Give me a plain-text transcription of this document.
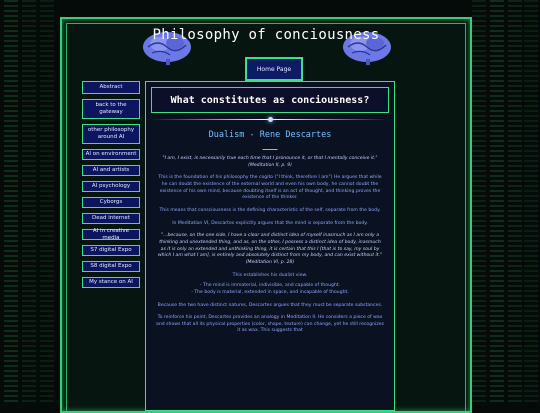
Philosophy of conciousness
Home Page
Abstract
back to the gateway
other philosophy around AI
AI on environment
AI and artists
AI psychology
Cyborgs
Dead internet
AI in creative media
S7 digital Expo
S8 digital Expo
My stance on AI
What constitutes as conciousness?
Dualism - Rene Descartes
______
"I am, I exist, is necessarily true each time that I pronounce it, or that I mentally conceive it." (Meditation II, p. 9)
This is the foundation of his philosophy the cogito ("I think, therefore I am") He argues that while he can doubt the existence of the external world and even his own body, he cannot doubt the existence of his own mind, because doubting itself is an act of thought, and thinking proves the existence of the thinker.
This means that consciousness is the defining characteristic of the self, separate from the body.
In Meditation VI, Descartes explicitly argues that the mind is separate from the body.
"...because, on the one side, I have a clear and distinct idea of myself inasmuch as I am only a thinking and unextended thing, and as, on the other, I possess a distinct idea of body, inasmuch as it is only an extended and unthinking thing, it is certain that this I [that is to say, my soul by which I am what I am], is entirely and absolutely distinct from my body, and can exist without it." (Meditation VI, p. 28)
This establishes his dualist view.
- The mind is immaterial, indivisible, and capable of thought.
- The body is material, extended in space, and incapable of thought.
Because the two have distinct natures, Descartes argues that they must be separate substances.
To reinforce his point, Descartes provides an analogy in Meditation II. He considers a piece of wax and shows that all its physical properties (color, shape, texture) can change, yet he still recognizes it as wax. This suggests that
